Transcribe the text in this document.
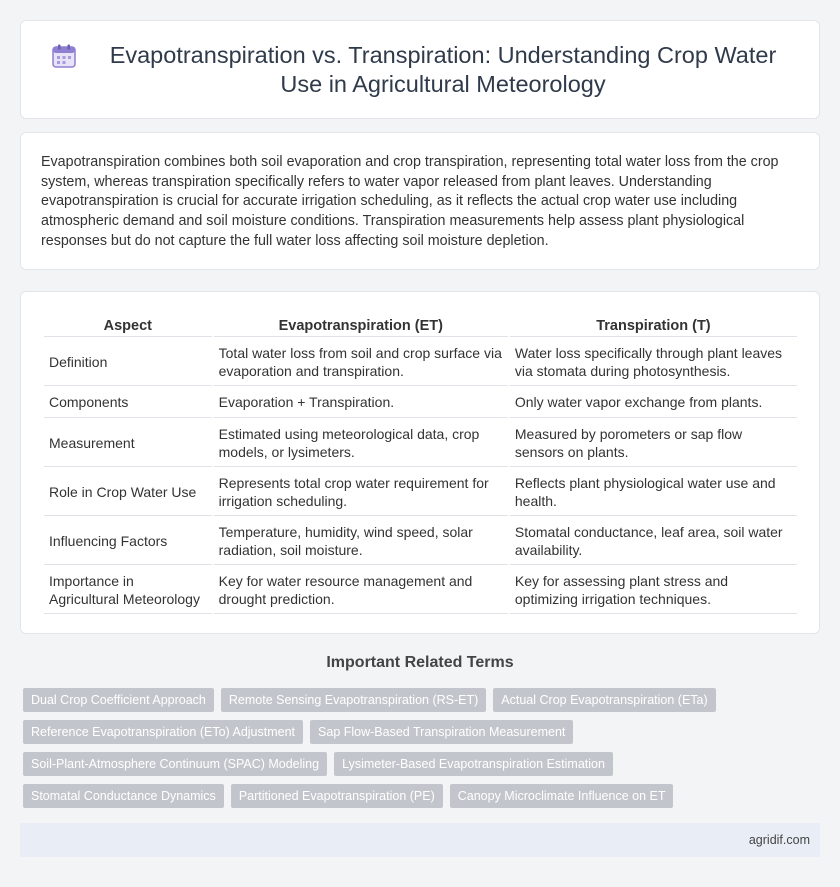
Evapotranspiration vs. Transpiration: Understanding Crop Water Use in Agricultural Meteorology

Evapotranspiration combines both soil evaporation and crop transpiration, representing total water loss from the crop system, whereas transpiration specifically refers to water vapor released from plant leaves. Understanding evapotranspiration is crucial for accurate irrigation scheduling, as it reflects the actual crop water use including atmospheric demand and soil moisture conditions. Transpiration measurements help assess plant physiological responses but do not capture the full water loss affecting soil moisture depletion.

Aspect	Evapotranspiration (ET)	Transpiration (T)
Definition	Total water loss from soil and crop surface via evaporation and transpiration.	Water loss specifically through plant leaves via stomata during photosynthesis.
Components	Evaporation + Transpiration.	Only water vapor exchange from plants.
Measurement	Estimated using meteorological data, crop models, or lysimeters.	Measured by porometers or sap flow sensors on plants.
Role in Crop Water Use	Represents total crop water requirement for irrigation scheduling.	Reflects plant physiological water use and health.
Influencing Factors	Temperature, humidity, wind speed, solar radiation, soil moisture.	Stomatal conductance, leaf area, soil water availability.
Importance in Agricultural Meteorology	Key for water resource management and drought prediction.	Key for assessing plant stress and optimizing irrigation techniques.
Important Related Terms
Dual Crop Coefficient Approach	Remote Sensing Evapotranspiration (RS-ET)	Actual Crop Evapotranspiration (ETa)
Reference Evapotranspiration (ETo) Adjustment	Sap Flow-Based Transpiration Measurement
Soil-Plant-Atmosphere Continuum (SPAC) Modeling	Lysimeter-Based Evapotranspiration Estimation
Stomatal Conductance Dynamics	Partitioned Evapotranspiration (PE)	Canopy Microclimate Influence on ET
agridif.com
